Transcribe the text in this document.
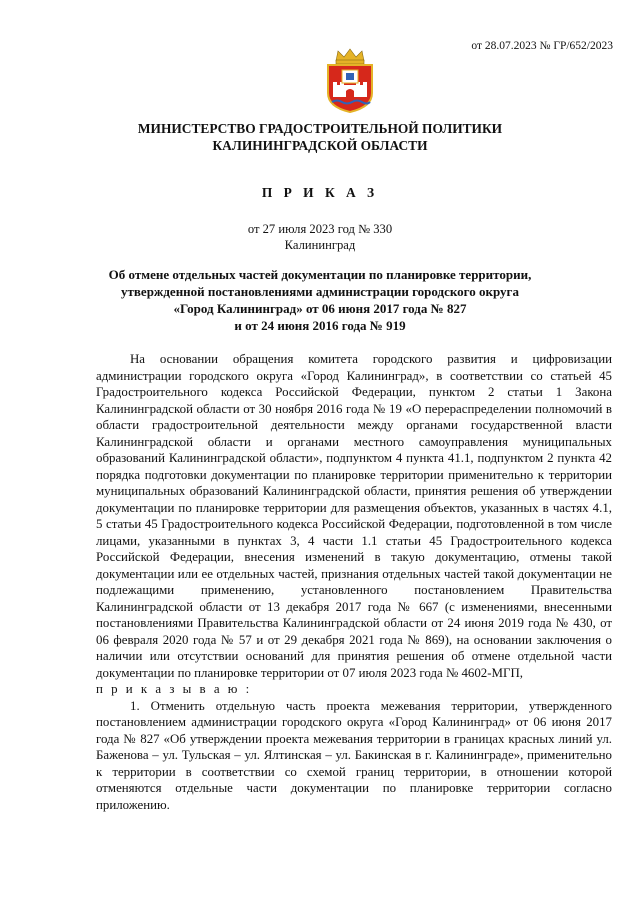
от 28.07.2023 № ГР/652/2023
МИНИСТЕРСТВО ГРАДОСТРОИТЕЛЬНОЙ ПОЛИТИКИ
КАЛИНИНГРАДСКОЙ ОБЛАСТИ
П Р И К А З
от 27 июля 2023 год № 330
Калининград
Об отмене отдельных частей документации по планировке территории,
утвержденной постановлениями администрации городского округа
«Город Калининград» от 06 июня 2017 года № 827
и от 24 июня 2016 года № 919

На основании обращения комитета городского развития и цифровизации администрации городского округа «Город Калининград», в соответствии со статьей 45 Градостроительного кодекса Российской Федерации, пунктом 2 статьи 1 Закона Калининградской области от 30 ноября 2016 года № 19 «О перераспределении полномочий в области градостроительной деятельности между органами государственной власти Калининградской области и органами местного самоуправления муниципальных образований Калининградской области», подпунктом 4 пункта 41.1, подпунктом 2 пункта 42 порядка подготовки документации по планировке территории применительно к территории муниципальных образований Калининградской области, принятия решения об утверждении документации по планировке территории для размещения объектов, указанных в частях 4.1, 5 статьи 45 Градостроительного кодекса Российской Федерации, подготовленной в том числе лицами, указанными в пунктах 3, 4 части 1.1 статьи 45 Градостроительного кодекса Российской Федерации, внесения изменений в такую документацию, отмены такой документации или ее отдельных частей, признания отдельных частей такой документации не подлежащими применению, установленного постановлением Правительства Калининградской области от 13 декабря 2017 года № 667 (с изменениями, внесенными постановлениями Правительства Калининградской области от 24 июня 2019 года № 430, от 06 февраля 2020 года № 57 и от 29 декабря 2021 года № 869), на основании заключения о наличии или отсутствии оснований для принятия решения об отмене отдельной части документации по планировке территории от 07 июля 2023 года № 4602-МГП,

п р и к а з ы в а ю :

1. Отменить отдельную часть проекта межевания территории, утвержденного постановлением администрации городского округа «Город Калининград» от 06 июня 2017 года № 827 «Об утверждении проекта межевания территории в границах красных линий ул. Баженова – ул. Тульская – ул. Ялтинская – ул. Бакинская в г. Калининграде», применительно к территории в соответствии со схемой границ территории, в отношении которой отменяются отдельные части документации по планировке территории согласно приложению.
